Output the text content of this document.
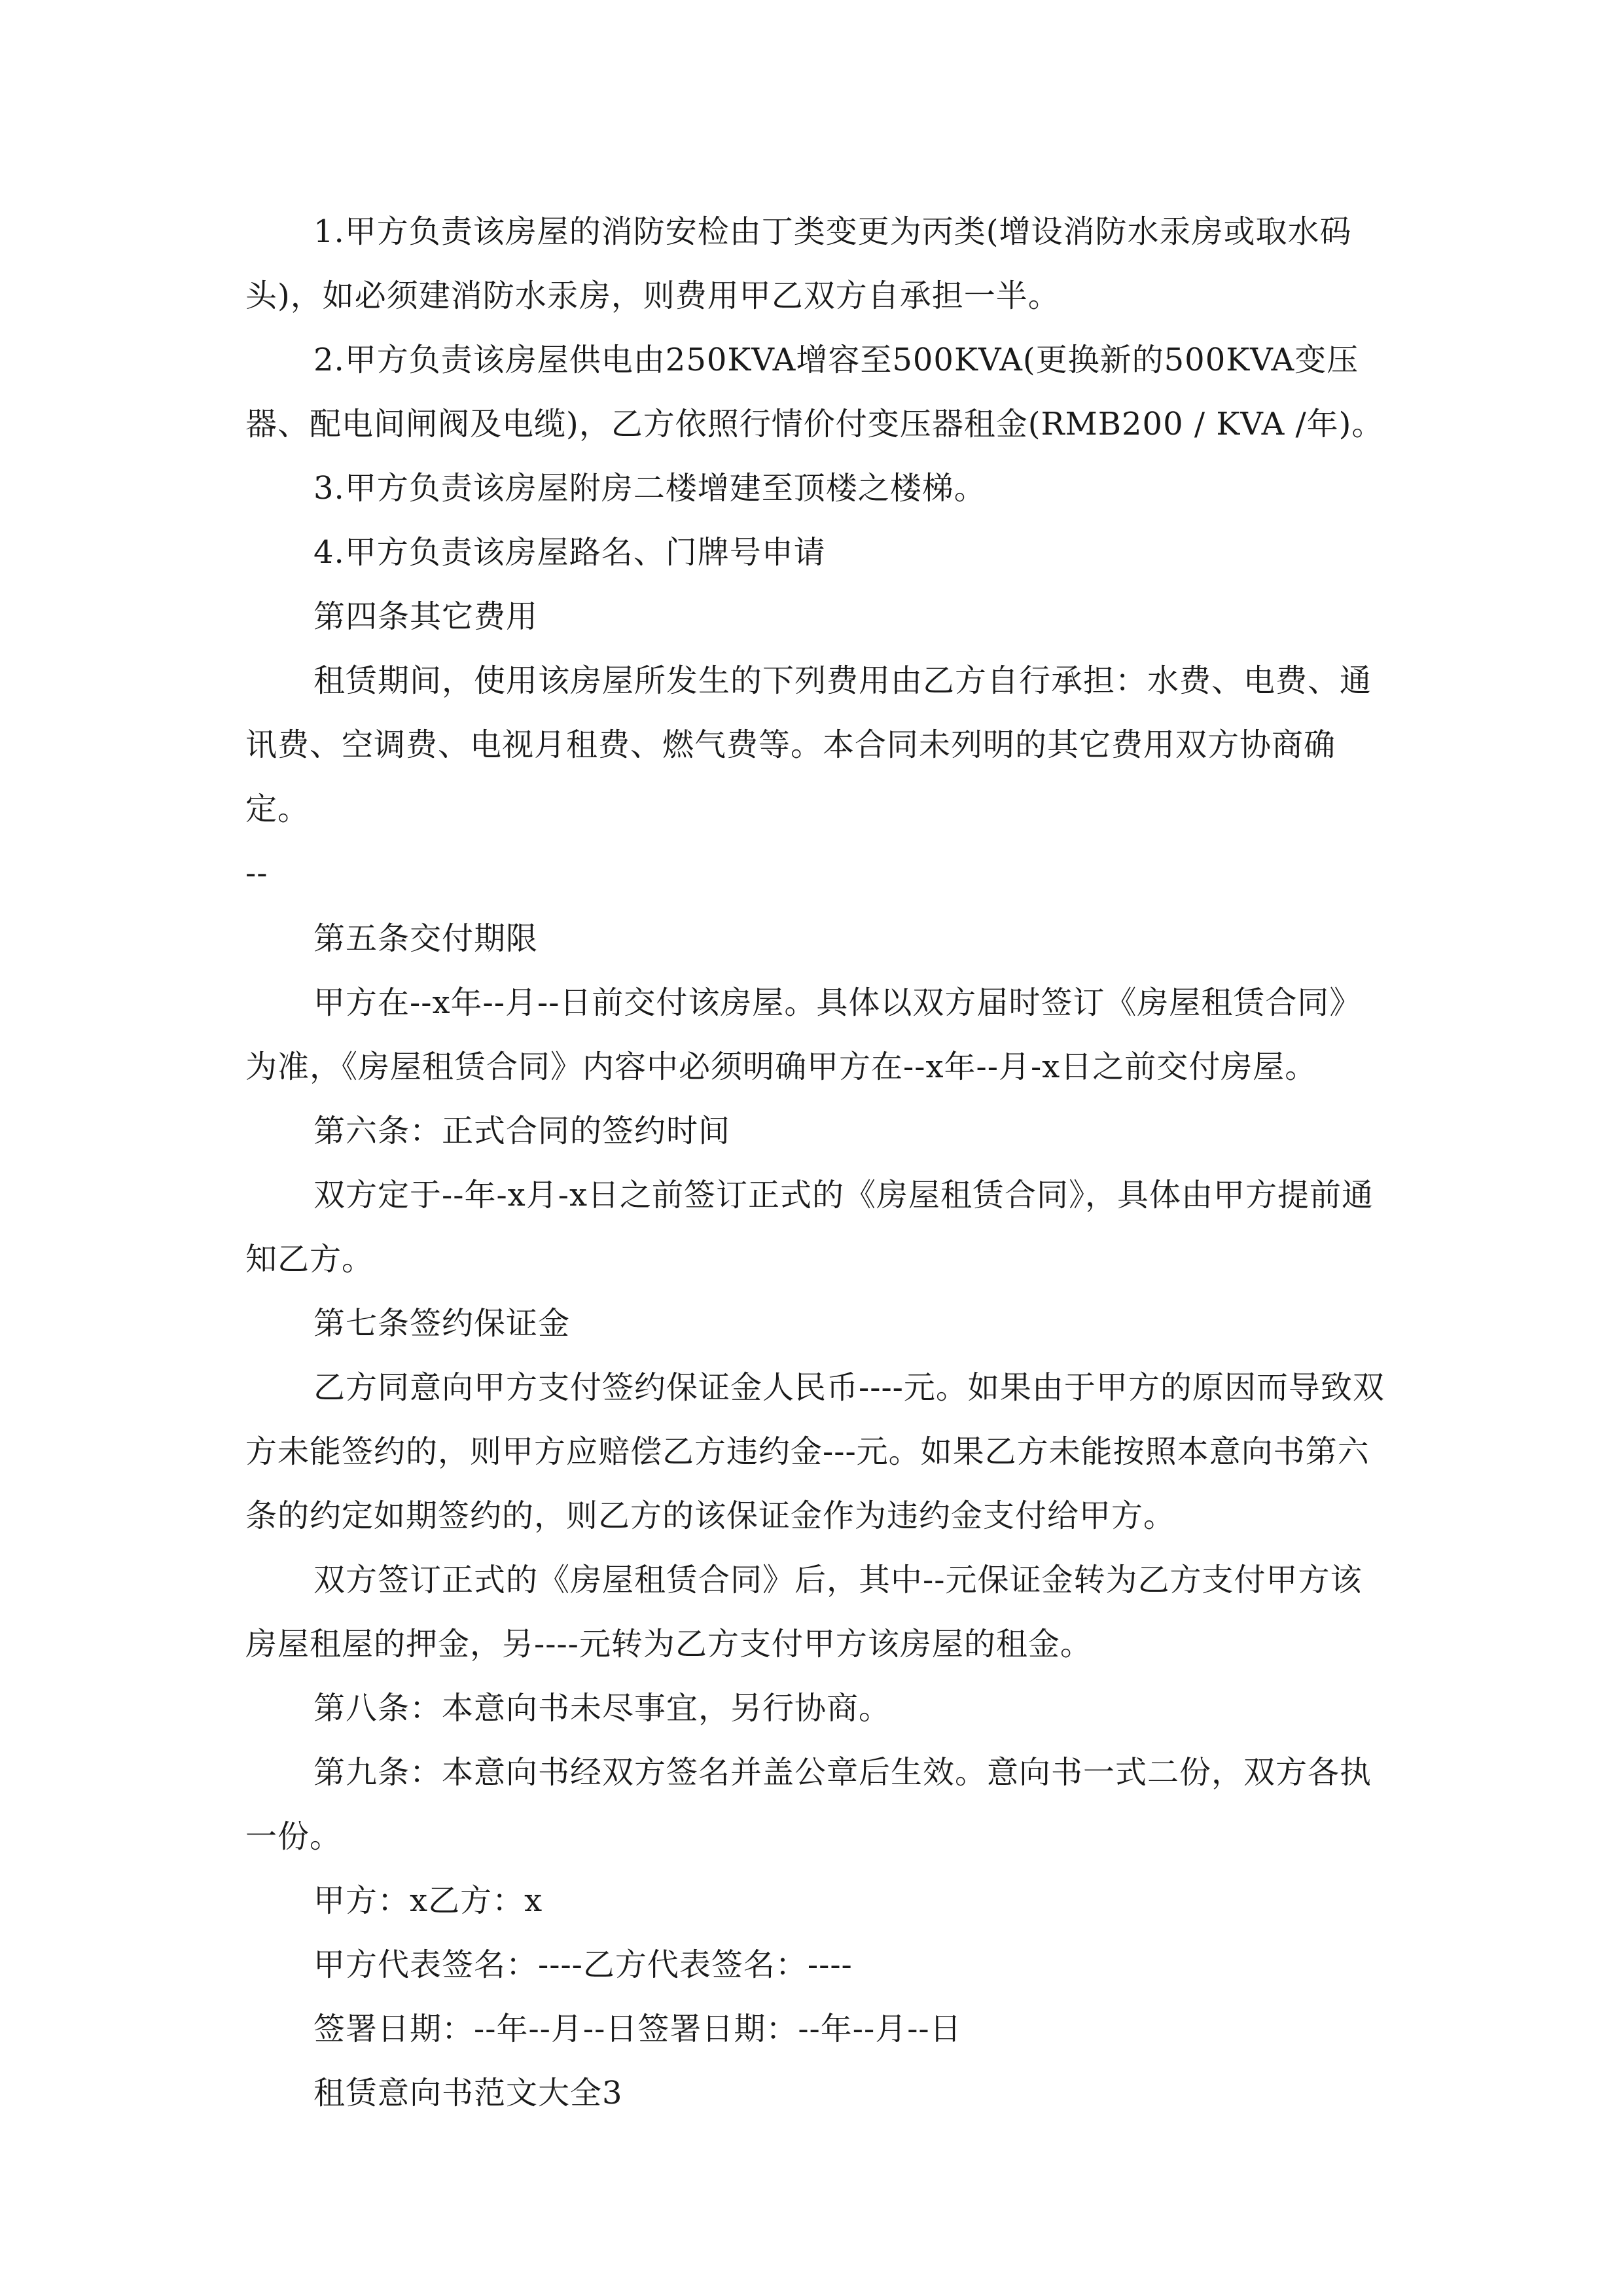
1.甲方负责该房屋的消防安检由丁类变更为丙类(增设消防水汞房或取水码头)，如必须建消防水汞房，则费用甲乙双方自承担一半。

2.甲方负责该房屋供电由250KVA增容至500KVA(更换新的500KVA变压器、配电间闸阀及电缆)，乙方依照行情价付变压器租金(RMB200 / KVA /年)。

3.甲方负责该房屋附房二楼增建至顶楼之楼梯。

4.甲方负责该房屋路名、门牌号申请

第四条其它费用

租赁期间，使用该房屋所发生的下列费用由乙方自行承担：水费、电费、通讯费、空调费、电视月租费、燃气费等。本合同未列明的其它费用双方协商确定。

--

第五条交付期限

甲方在--x年--月--日前交付该房屋。具体以双方届时签订《房屋租赁合同》为准，《房屋租赁合同》内容中必须明确甲方在--x年--月-x日之前交付房屋。

第六条：正式合同的签约时间

双方定于--年-x月-x日之前签订正式的《房屋租赁合同》，具体由甲方提前通知乙方。

第七条签约保证金

乙方同意向甲方支付签约保证金人民币----元。如果由于甲方的原因而导致双方未能签约的，则甲方应赔偿乙方违约金---元。如果乙方未能按照本意向书第六条的约定如期签约的，则乙方的该保证金作为违约金支付给甲方。

双方签订正式的《房屋租赁合同》后，其中--元保证金转为乙方支付甲方该房屋租屋的押金，另----元转为乙方支付甲方该房屋的租金。

第八条：本意向书未尽事宜，另行协商。

第九条：本意向书经双方签名并盖公章后生效。意向书一式二份，双方各执一份。

甲方：x乙方：x

甲方代表签名：----乙方代表签名：----

签署日期：--年--月--日签署日期：--年--月--日

租赁意向书范文大全3
